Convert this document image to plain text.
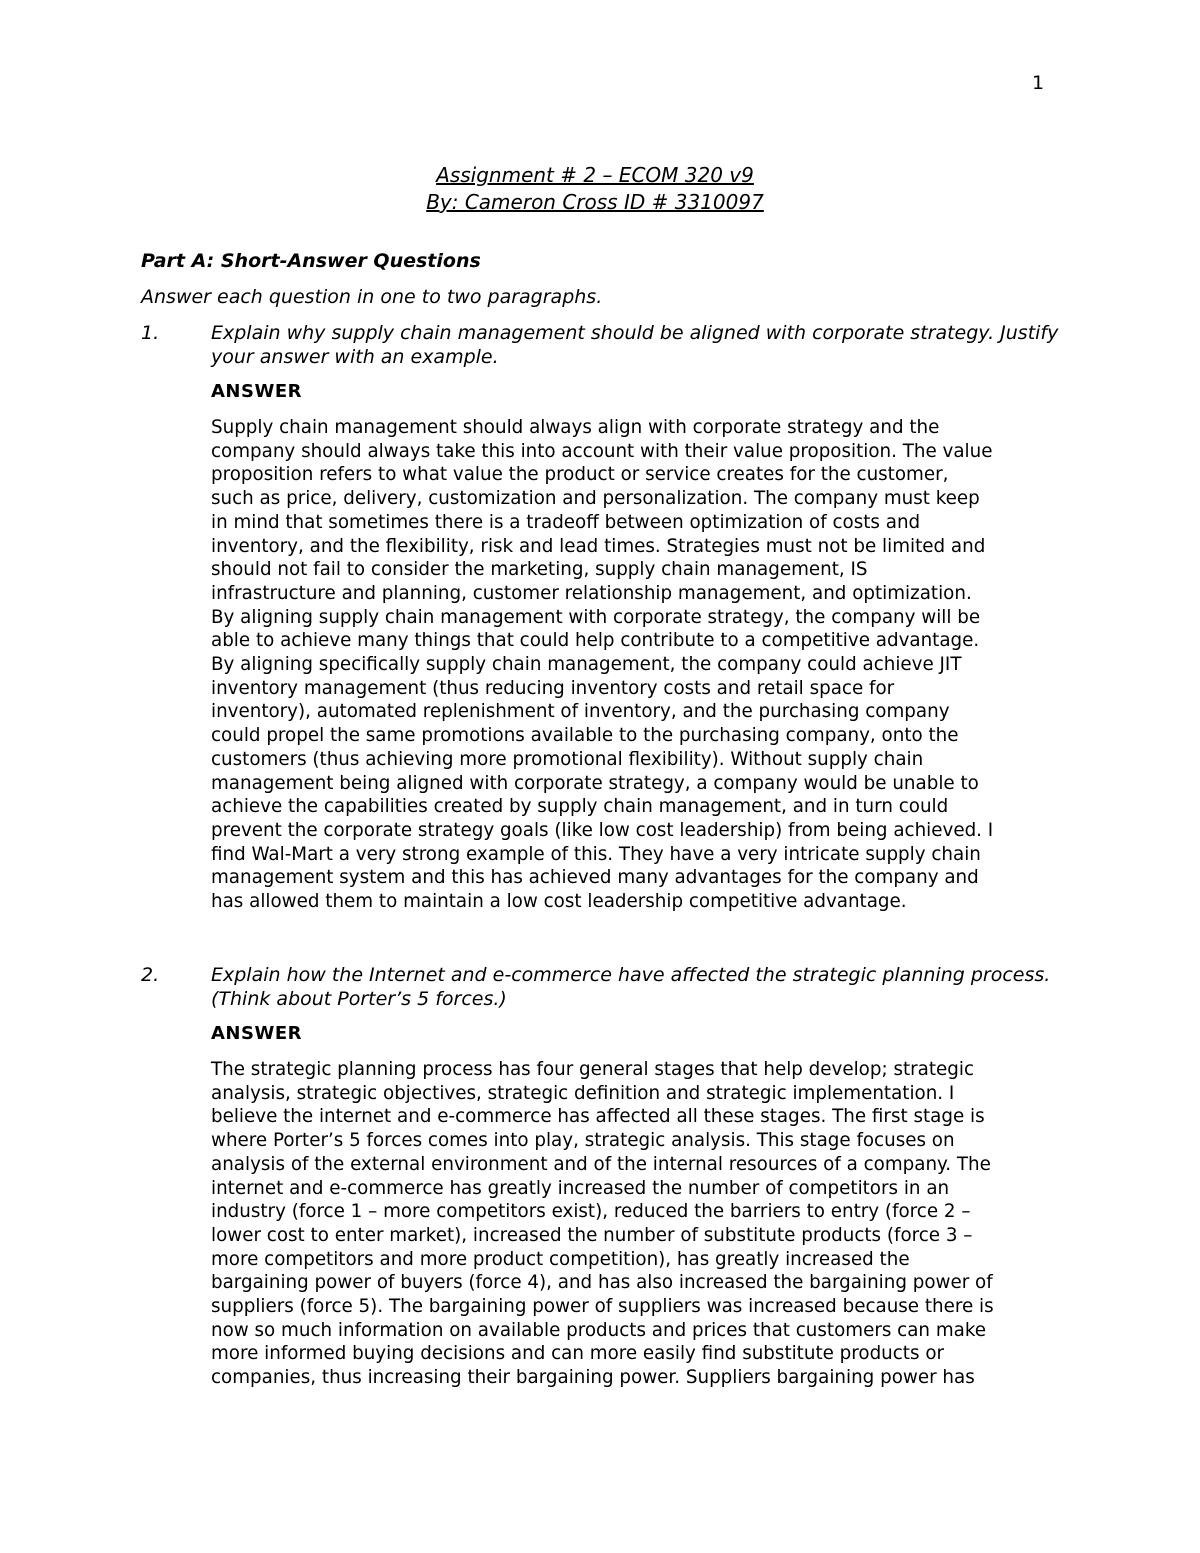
1
Assignment # 2 – ECOM 320 v9
By: Cameron Cross ID # 3310097
Part A: Short-Answer Questions
Answer each question in one to two paragraphs.
1.	Explain why supply chain management should be aligned with corporate strategy. Justify your answer with an example.
ANSWER
Supply chain management should always align with corporate strategy and the
company should always take this into account with their value proposition. The value
proposition refers to what value the product or service creates for the customer,
such as price, delivery, customization and personalization. The company must keep
in mind that sometimes there is a tradeoff between optimization of costs and
inventory, and the flexibility, risk and lead times. Strategies must not be limited and
should not fail to consider the marketing, supply chain management, IS
infrastructure and planning, customer relationship management, and optimization.
By aligning supply chain management with corporate strategy, the company will be
able to achieve many things that could help contribute to a competitive advantage.
By aligning specifically supply chain management, the company could achieve JIT
inventory management (thus reducing inventory costs and retail space for
inventory), automated replenishment of inventory, and the purchasing company
could propel the same promotions available to the purchasing company, onto the
customers (thus achieving more promotional flexibility). Without supply chain
management being aligned with corporate strategy, a company would be unable to
achieve the capabilities created by supply chain management, and in turn could
prevent the corporate strategy goals (like low cost leadership) from being achieved. I
find Wal-Mart a very strong example of this. They have a very intricate supply chain
management system and this has achieved many advantages for the company and
has allowed them to maintain a low cost leadership competitive advantage.
2.	Explain how the Internet and e-commerce have affected the strategic planning process. (Think about Porter’s 5 forces.)
ANSWER
The strategic planning process has four general stages that help develop; strategic
analysis, strategic objectives, strategic definition and strategic implementation. I
believe the internet and e-commerce has affected all these stages. The first stage is
where Porter’s 5 forces comes into play, strategic analysis. This stage focuses on
analysis of the external environment and of the internal resources of a company. The
internet and e-commerce has greatly increased the number of competitors in an
industry (force 1 – more competitors exist), reduced the barriers to entry (force 2 –
lower cost to enter market), increased the number of substitute products (force 3 –
more competitors and more product competition), has greatly increased the
bargaining power of buyers (force 4), and has also increased the bargaining power of
suppliers (force 5). The bargaining power of suppliers was increased because there is
now so much information on available products and prices that customers can make
more informed buying decisions and can more easily find substitute products or
companies, thus increasing their bargaining power. Suppliers bargaining power has
